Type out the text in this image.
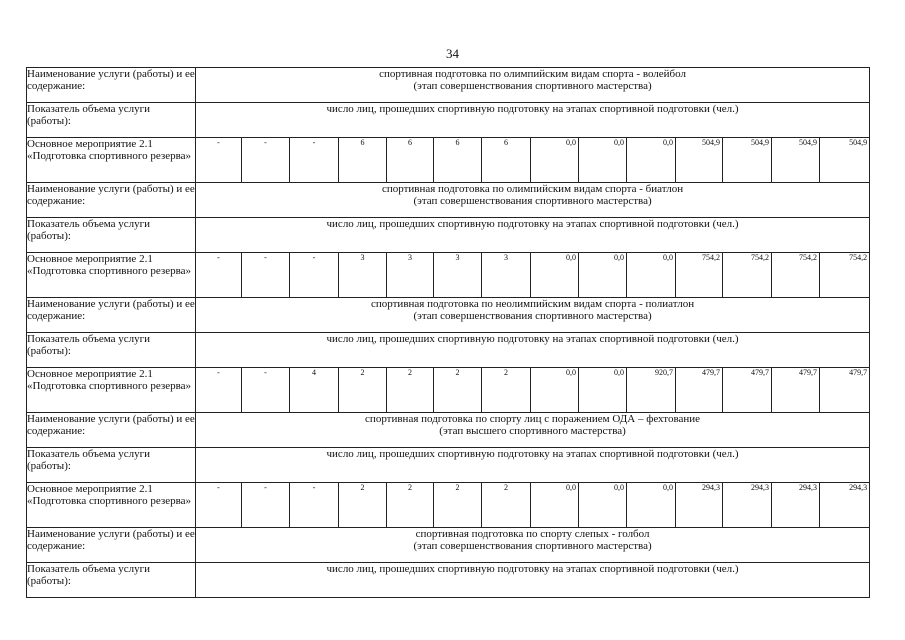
34
Наименование услуги (работы) и ее содержание:	спортивная подготовка по олимпийским видам спорта - волейбол
(этап совершенствования спортивного мастерства)													

Показатель объема услуги (работы):	число лиц, прошедших спортивную подготовку на этапах спортивной подготовки (чел.)													
Основное мероприятие 2.1 «Подготовка спортивного резерва»	-	-	-	6	6	6	6	0,0	0,0	0,0	504,9	504,9	504,9	504,9
Наименование услуги (работы) и ее содержание:	спортивная подготовка по олимпийским видам спорта - биатлон
(этап совершенствования спортивного мастерства)													

Показатель объема услуги (работы):	число лиц, прошедших спортивную подготовку на этапах спортивной подготовки (чел.)													
Основное мероприятие 2.1 «Подготовка спортивного резерва»	-	-	-	3	3	3	3	0,0	0,0	0,0	754,2	754,2	754,2	754,2
Наименование услуги (работы) и ее содержание:	спортивная подготовка по неолимпийским видам спорта - полиатлон
(этап совершенствования спортивного мастерства)													

Показатель объема услуги (работы):	число лиц, прошедших спортивную подготовку на этапах спортивной подготовки (чел.)													
Основное мероприятие 2.1 «Подготовка спортивного резерва»	-	-	4	2	2	2	2	0,0	0,0	920,7	479,7	479,7	479,7	479,7
Наименование услуги (работы) и ее содержание:	спортивная подготовка по спорту лиц с поражением ОДА – фехтование
(этап высшего спортивного мастерства)													

Показатель объема услуги (работы):	число лиц, прошедших спортивную подготовку на этапах спортивной подготовки (чел.)													
Основное мероприятие 2.1 «Подготовка спортивного резерва»	-	-	-	2	2	2	2	0,0	0,0	0,0	294,3	294,3	294,3	294,3
Наименование услуги (работы) и ее содержание:	спортивная подготовка по спорту слепых - голбол
(этап совершенствования спортивного мастерства)													

Показатель объема услуги (работы):	число лиц, прошедших спортивную подготовку на этапах спортивной подготовки (чел.)													
